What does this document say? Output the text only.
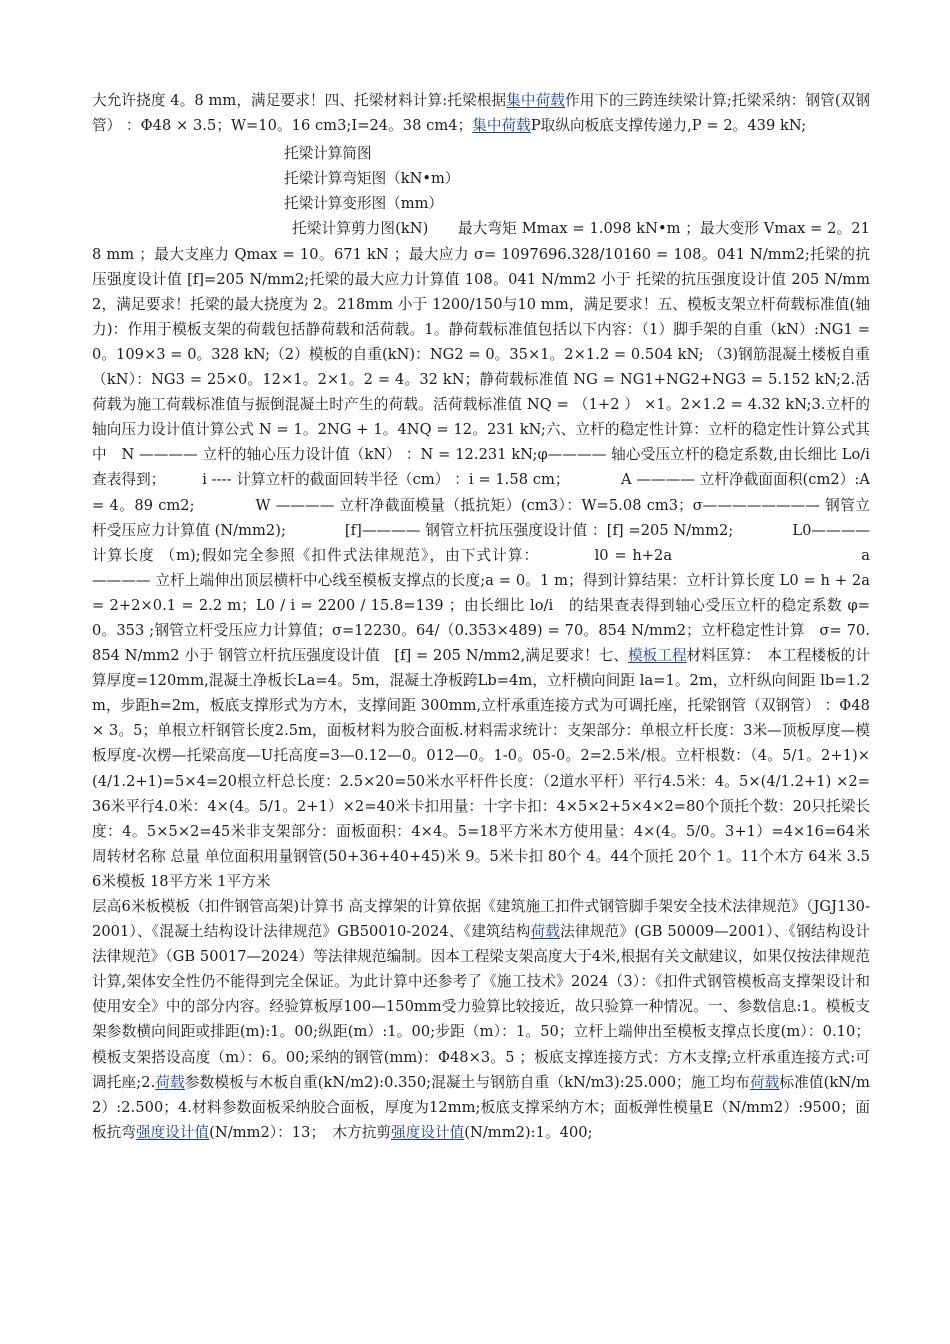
大允许挠度 4。8 mm，满足要求！四、托梁材料计算:托梁根据集中荷载作用下的三跨连续梁计算;托梁采纳：钢管(双钢管） ：Φ48 × 3.5；W=10。16 cm3;I=24。38 cm4；集中荷载P取纵向板底支撑传递力,P = 2。439 kN;

托梁计算简图

托梁计算弯矩图（kN•m）

托梁计算变形图（mm）

托梁计算剪力图(kN)　　最大弯矩 Mmax = 1.098 kN•m ；最大变形 Vmax = 2。218 mm ；最大支座力 Qmax = 10。671 kN ；最大应力 σ= 1097696.328/10160 = 108。041 N/mm2;托梁的抗压强度设计值 [f]=205 N/mm2;托梁的最大应力计算值 108。041 N/mm2 小于 托梁的抗压强度设计值 205 N/mm2，满足要求！托梁的最大挠度为 2。218mm 小于 1200/150与10 mm，满足要求！五、模板支架立杆荷载标准值(轴力)：作用于模板支架的荷载包括静荷载和活荷载。1。静荷载标准值包括以下内容：（1）脚手架的自重（kN）:NG1 = 0。109×3 = 0。328 kN;（2）模板的自重(kN)：NG2 = 0。35×1。2×1.2 = 0.504 kN; （3)钢筋混凝土楼板自重（kN）：NG3 = 25×0。12×1。2×1。2 = 4。32 kN；静荷载标准值 NG = NG1+NG2+NG3 = 5.152 kN;2.活荷载为施工荷载标准值与振倒混凝土时产生的荷载。活荷载标准值 NQ = （1+2 ） ×1。2×1.2 = 4.32 kN;3.立杆的轴向压力设计值计算公式 N = 1。2NG + 1。4NQ = 12。231 kN;六、立杆的稳定性计算：立杆的稳定性计算公式其中　N ———— 立杆的轴心压力设计值（kN） ：N = 12.231 kN;φ———— 轴心受压立杆的稳定系数,由长细比 Lo/i 查表得到；　　　i ---- 计算立杆的截面回转半径（cm） ：i = 1.58 cm；　　　　A ———— 立杆净截面面积(cm2）:A = 4。89 cm2;　　　　W ———— 立杆净截面模量（抵抗矩）(cm3）：W=5.08 cm3；σ———————— 钢管立杆受压应力计算值 (N/mm2);　　　　[f]———— 钢管立杆抗压强度设计值 ：[f] =205 N/mm2;　　　　L0———— 计算长度 （m);假如完全参照《扣件式法律规范》，由下式计算：　　　　l0 = h+2a　　　　　　　　　　　　a ———— 立杆上端伸出顶层横杆中心线至模板支撑点的长度;a = 0。1 m；得到计算结果：立杆计算长度 L0 = h + 2a = 2+2×0.1 = 2.2 m；L0 / i = 2200 / 15.8=139 ；由长细比 lo/i　的结果查表得到轴心受压立杆的稳定系数 φ= 0。353 ;钢管立杆受压应力计算值；σ=12230。64/（0.353×489) = 70。854 N/mm2；立杆稳定性计算　σ= 70.854 N/mm2 小于 钢管立杆抗压强度设计值　[f] = 205 N/mm2,满足要求！七、模板工程材料匡算：　本工程楼板的计算厚度=120mm,混凝土净板长La=4。5m，混凝土净板跨Lb=4m，立杆横向间距 la=1。2m，立杆纵向间距 lb=1.2m，步距h=2m，板底支撑形式为方木，支撑间距 300mm,立杆承重连接方式为可调托座，托梁钢管（双钢管） ：Φ48 × 3。5；单根立杆钢管长度2.5m，面板材料为胶合面板.材料需求统计：支架部分：单根立杆长度：3米—顶板厚度—模板厚度-次楞—托梁高度—U托高度=3—0.12—0。012—0。1-0。05-0。2=2.5米/根。立杆根数：（4。5/1。2+1)×(4/1.2+1)=5×4=20根立杆总长度：2.5×20=50米水平杆件长度：（2道水平杆）平行4.5米：4。5×(4/1.2+1) ×2=36米平行4.0米：4×(4。5/1。2+1）×2=40米卡扣用量：十字卡扣：4×5×2+5×4×2=80个顶托个数：20只托梁长度：4。5×5×2=45米非支架部分：面板面积：4×4。5=18平方米木方使用量：4×(4。5/0。3+1）=4×16=64米周转材名称 总量 单位面积用量钢管(50+36+40+45)米 9。5米卡扣 80个 4。44个顶托 20个 1。11个木方 64米 3.56米模板 18平方米 1平方米

层高6米板模板（扣件钢管高架)计算书 高支撑架的计算依据《建筑施工扣件式钢管脚手架安全技术法律规范》（JGJ130-2001）、《混凝土结构设计法律规范》GB50010-2024、《建筑结构荷载法律规范》(GB 50009—2001）、《钢结构设计法律规范》（GB 50017—2024）等法律规范编制。因本工程梁支架高度大于4米,根据有关文献建议，如果仅按法律规范计算,架体安全性仍不能得到完全保证。为此计算中还参考了《施工技术》2024（3）：《扣件式钢管模板高支撑架设计和使用安全》中的部分内容。经验算板厚100—150mm受力验算比较接近，故只验算一种情况。一、参数信息:1。模板支架参数横向间距或排距(m):1。00;纵距(m）:1。00;步距（m）：1。50；立杆上端伸出至模板支撑点长度(m）：0.10；模板支架搭设高度（m）：6。00;采纳的钢管(mm)：Φ48×3。5 ；板底支撑连接方式：方木支撑;立杆承重连接方式:可调托座;2.荷载参数模板与木板自重(kN/m2):0.350;混凝土与钢筋自重（kN/m3):25.000；施工均布荷载标准值(kN/m2）:2.500；4.材料参数面板采纳胶合面板，厚度为12mm;板底支撑采纳方木；面板弹性模量E（N/mm2）:9500；面板抗弯强度设计值(N/mm2）：13；　木方抗剪强度设计值(N/mm2):1。400;
